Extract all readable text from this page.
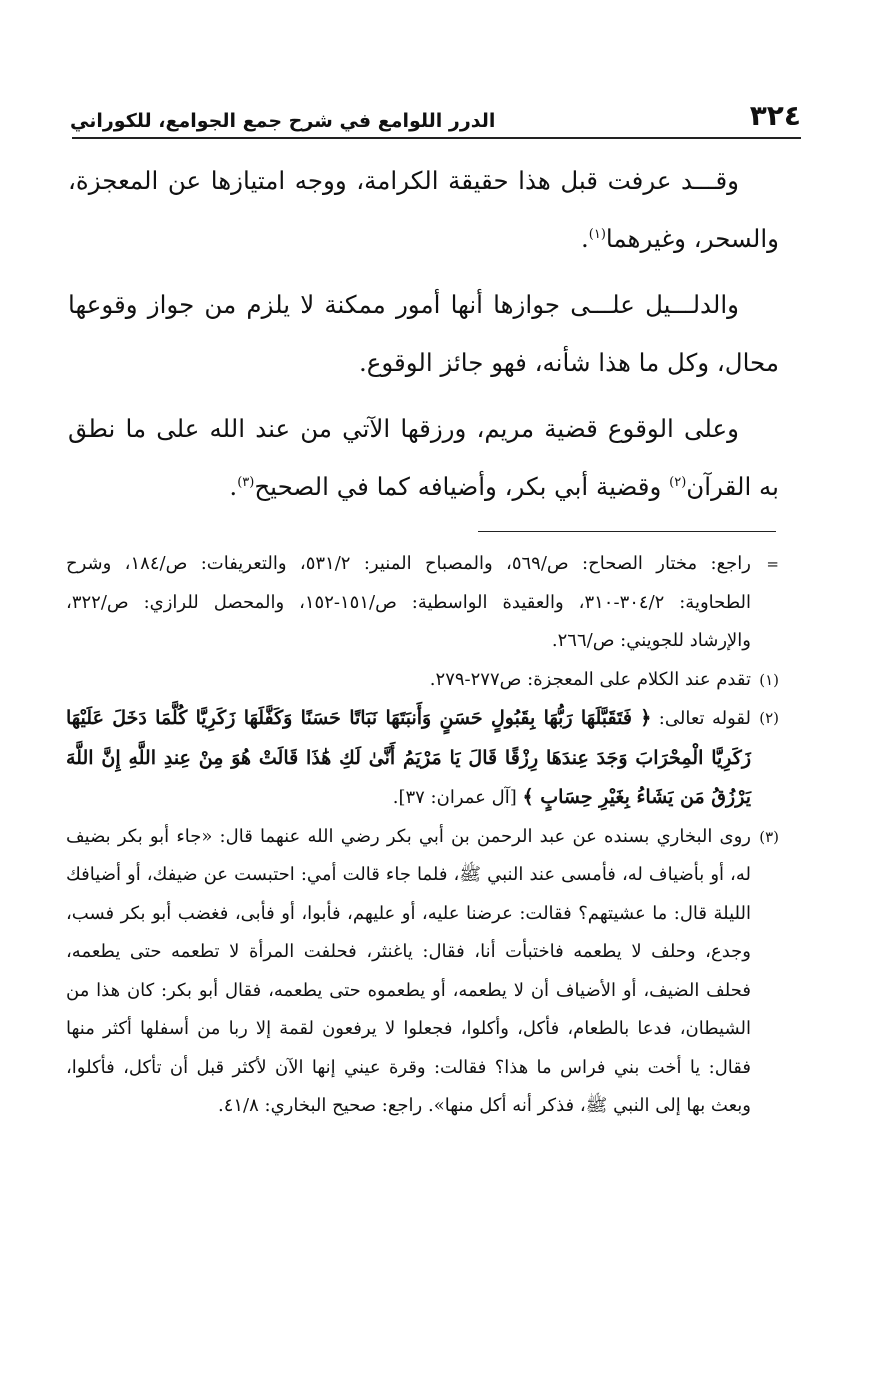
٣٢٤
الدرر اللوامع في شرح جمع الجوامع، للكوراني

وقـــد عرفت قبل هذا حقيقة الكرامة، ووجه امتيازها عن المعجزة، والسحر، وغيرهما$^{(١)}$.

والدلـــيل علـــى جوازها أنها أمور ممكنة لا يلزم من جواز وقوعها محال، وكل ما هذا شأنه، فهو جائز الوقوع.

وعلى الوقوع قضية مريم، ورزقها الآتي من عند الله على ما نطق به القرآن$^{(٢)}$ وقضية أبي بكر، وأضيافه كما في الصحيح$^{(٣)}$.

=
راجع: مختار الصحاح: ص/٥٦٩، والمصباح المنير: ٥٣١/٢، والتعريفات: ص/١٨٤، وشرح الطحاوية: ٣٠٤/٢-٣١٠، والعقيدة الواسطية: ص/١٥١-١٥٢، والمحصل للرازي: ص/٣٢٢، والإرشاد للجويني: ص/٢٦٦.

(١)
تقدم عند الكلام على المعجزة: ص٢٧٧-٢٧٩.

(٢)
لقوله تعالى: ﴿ فَتَقَبَّلَهَا رَبُّهَا بِقَبُولٍ حَسَنٍ وَأَنبَتَهَا نَبَاتًا حَسَنًا وَكَفَّلَهَا زَكَرِيَّا كُلَّمَا دَخَلَ عَلَيْهَا زَكَرِيَّا الْمِحْرَابَ وَجَدَ عِندَهَا رِزْقًا قَالَ يَا مَرْيَمُ أَنَّىٰ لَكِ هَٰذَا قَالَتْ هُوَ مِنْ عِندِ اللَّهِ إِنَّ اللَّهَ يَرْزُقُ مَن يَشَاءُ بِغَيْرِ حِسَابٍ ﴾ [آل عمران: ٣٧].

(٣)
روى البخاري بسنده عن عبد الرحمن بن أبي بكر رضي الله عنهما قال: «جاء أبو بكر بضيف له، أو بأضياف له، فأمسى عند النبي ﷺ، فلما جاء قالت أمي: احتبست عن ضيفك، أو أضيافك الليلة قال: ما عشيتهم؟ فقالت: عرضنا عليه، أو عليهم، فأبوا، أو فأبى، فغضب أبو بكر فسب، وجدع، وحلف لا يطعمه فاختبأت أنا، فقال: ياغنثر، فحلفت المرأة لا تطعمه حتى يطعمه، فحلف الضيف، أو الأضياف أن لا يطعمه، أو يطعموه حتى يطعمه، فقال أبو بكر: كان هذا من الشيطان، فدعا بالطعام، فأكل، وأكلوا، فجعلوا لا يرفعون لقمة إلا ربا من أسفلها أكثر منها فقال: يا أخت بني فراس ما هذا؟ فقالت: وقرة عيني إنها الآن لأكثر قبل أن تأكل، فأكلوا، وبعث بها إلى النبي ﷺ، فذكر أنه أكل منها». راجع: صحيح البخاري: ٤١/٨.
